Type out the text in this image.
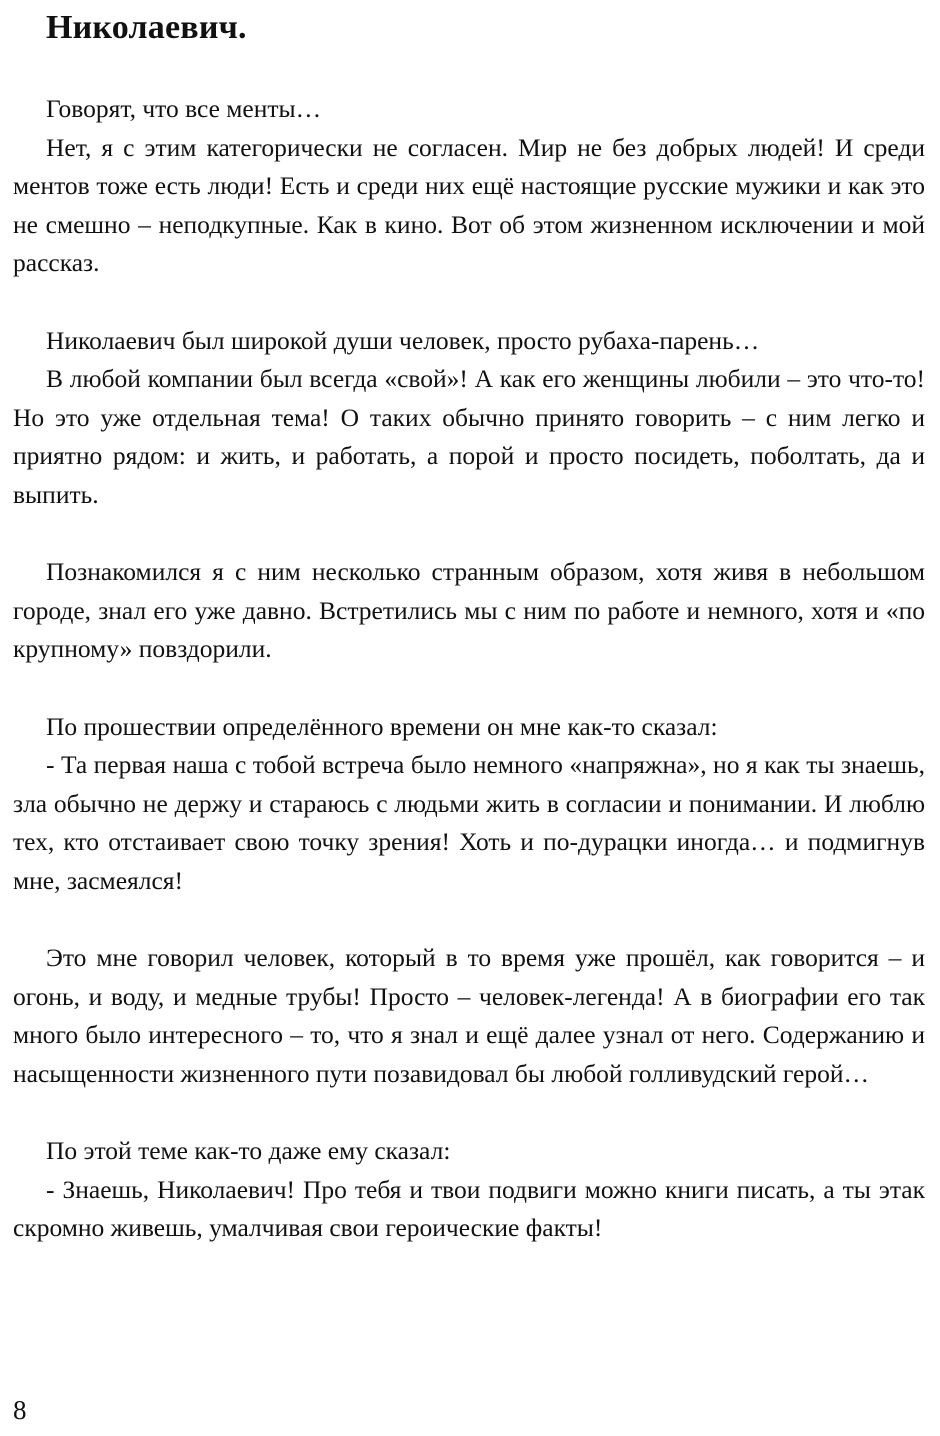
Николаевич.

Говорят, что все менты…

Нет, я с этим категорически не согласен. Мир не без добрых людей! И среди ментов тоже есть люди! Есть и среди них ещё настоящие русские мужики и как это не смешно – неподкупные. Как в кино. Вот об этом жизненном исключении и мой рассказ.

Николаевич был широкой души человек, просто рубаха-парень…

В любой компании был всегда «свой»! А как его женщины любили – это что-то! Но это уже отдельная тема! О таких обычно принято говорить – с ним легко и приятно рядом: и жить, и работать, а порой и просто посидеть, поболтать, да и выпить.

Познакомился я с ним несколько странным образом, хотя живя в небольшом городе, знал его уже давно. Встретились мы с ним по работе и немного, хотя и «по крупному» повздорили.

По прошествии определённого времени он мне как-то сказал:

- Та первая наша с тобой встреча было немного «напряжна», но я как ты знаешь, зла обычно не держу и стараюсь с людьми жить в согласии и понимании. И люблю тех, кто отстаивает свою точку зрения! Хоть и по-дурацки иногда… и подмигнув мне, засмеялся!

Это мне говорил человек, который в то время уже прошёл, как говорится – и огонь, и воду, и медные трубы! Просто – человек-легенда! А в биографии его так много было интересного – то, что я знал и ещё далее узнал от него. Содержанию и насыщенности жизненного пути позавидовал бы любой голливудский герой…

По этой теме как-то даже ему сказал:

- Знаешь, Николаевич! Про тебя и твои подвиги можно книги писать, а ты этак скромно живешь, умалчивая свои героические факты!

8
